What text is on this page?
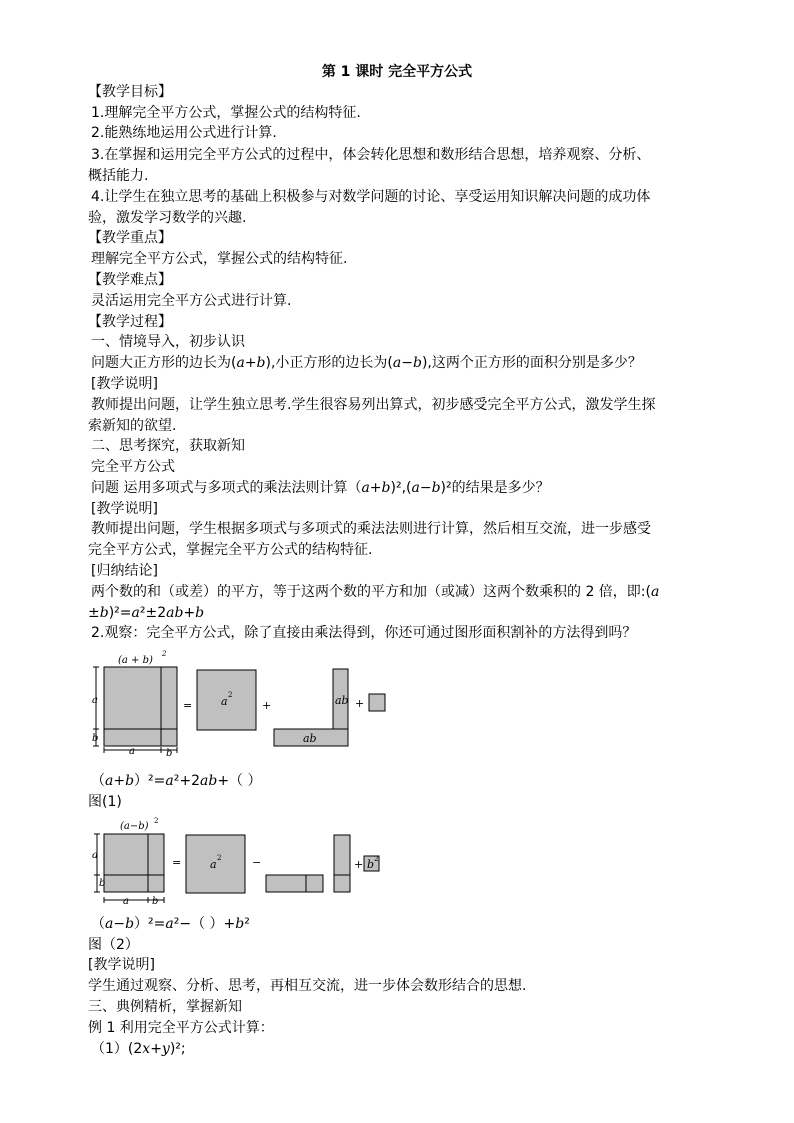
第 1 课时 完全平方公式
【教学目标】
1.理解完全平方公式，掌握公式的结构特征.
2.能熟练地运用公式进行计算.
3.在掌握和运用完全平方公式的过程中，体会转化思想和数形结合思想，培养观察、分析、
概括能力.
4.让学生在独立思考的基础上积极参与对数学问题的讨论、享受运用知识解决问题的成功体
验，激发学习数学的兴趣.
【教学重点】
理解完全平方公式，掌握公式的结构特征.
【教学难点】
灵活运用完全平方公式进行计算.
【教学过程】
一、情境导入，初步认识
问题大正方形的边长为(a+b),小正方形的边长为(a−b),这两个正方形的面积分别是多少？
[教学说明]
教师提出问题，让学生独立思考.学生很容易列出算式，初步感受完全平方公式，激发学生探
索新知的欲望.
二、思考探究，获取新知
完全平方公式
问题 运用多项式与多项式的乘法法则计算（a+b)²,(a−b)²的结果是多少？
[教学说明]
教师提出问题，学生根据多项式与多项式的乘法法则进行计算，然后相互交流，进一步感受
完全平方公式，掌握完全平方公式的结构特征.
[归纳结论]
两个数的和（或差）的平方，等于这两个数的平方和加（或减）这两个数乘积的 2 倍，即:(a
±b)²=a²±2ab+b
2.观察：完全平方公式，除了直接由乘法得到，你还可通过图形面积割补的方法得到吗？
(a + b)
2
a
b
a	b
=	a 2
+
ab
ab +
（a+b）²=a²+2ab+（ ）
图(1)
(a−b) 2
a
b
a b
=	a 2	−	+ b 2
（a−b）²=a²−（ ）+b²
图（2）
[教学说明]
学生通过观察、分析、思考，再相互交流，进一步体会数形结合的思想.
三、典例精析，掌握新知
例 1 利用完全平方公式计算：
（1）(2x+y)²;
